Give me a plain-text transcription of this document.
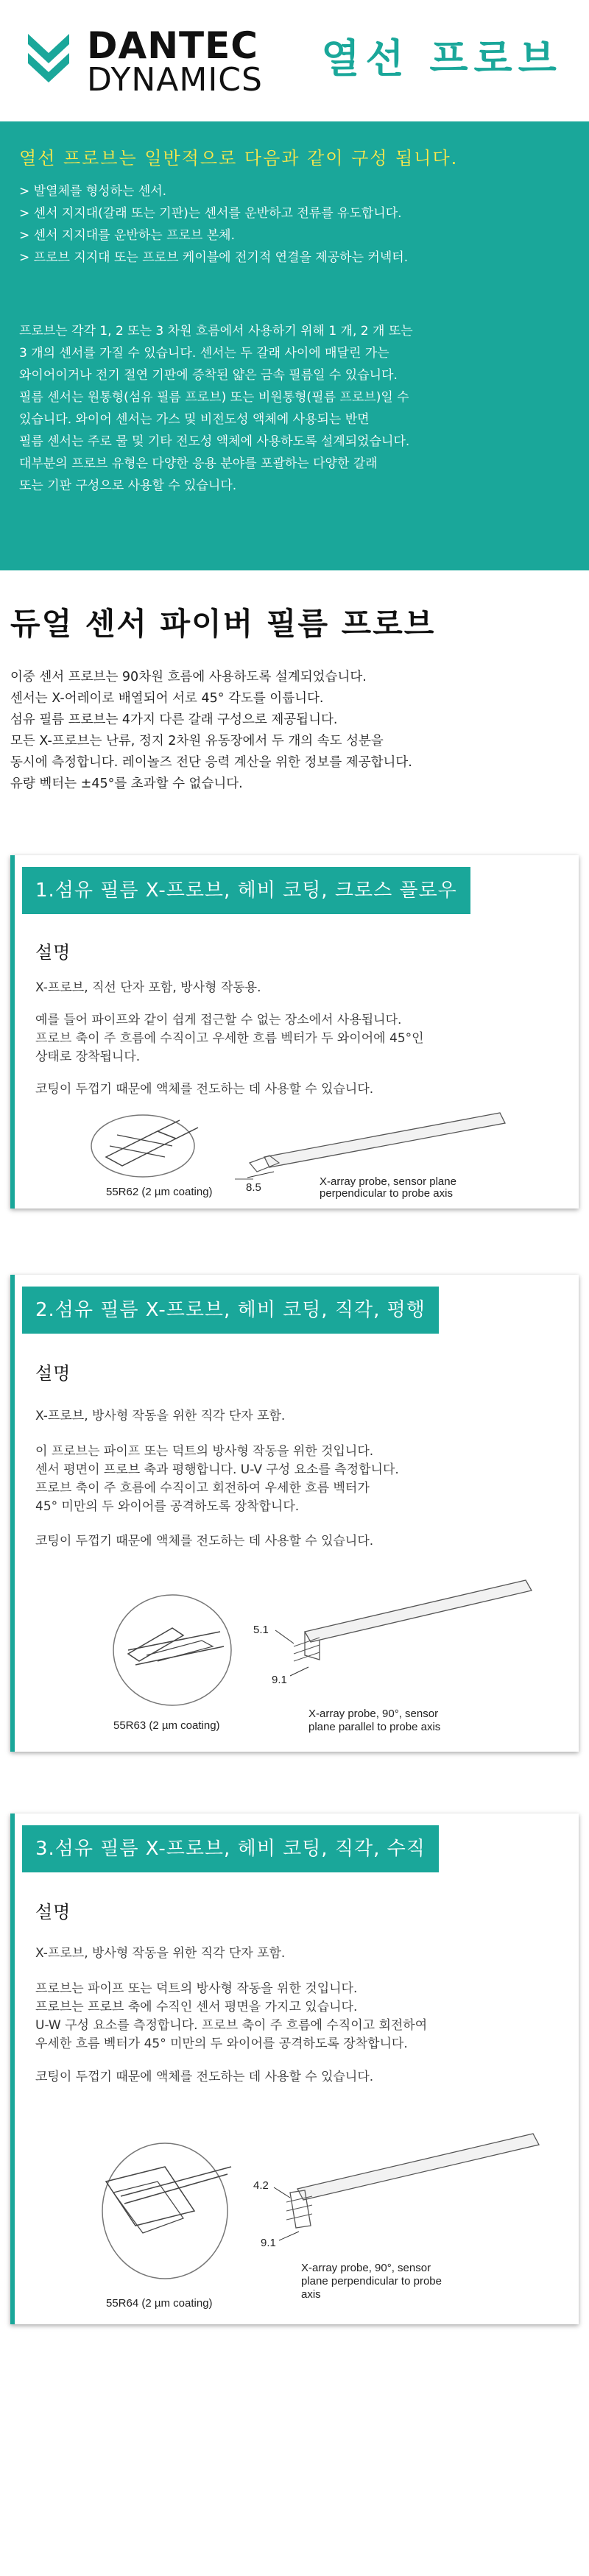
DANTEC
DYNAMICS 열선 프로브
열선 프로브는 일반적으로 다음과 같이 구성 됩니다.
> 발열체를 형성하는 센서.
> 센서 지지대(갈래 또는 기판)는 센서를 운반하고 전류를 유도합니다.
> 센서 지지대를 운반하는 프로브 본체.
> 프로브 지지대 또는 프로브 케이블에 전기적 연결을 제공하는 커넥터.
프로브는 각각 1, 2 또는 3 차원 흐름에서 사용하기 위해 1 개, 2 개 또는
3 개의 센서를 가질 수 있습니다. 센서는 두 갈래 사이에 매달린 가는
와이어이거나 전기 절연 기판에 증착된 얇은 금속 필름일 수 있습니다.
필름 센서는 원통형(섬유 필름 프로브) 또는 비원통형(필름 프로브)일 수
있습니다. 와이어 센서는 가스 및 비전도성 액체에 사용되는 반면
필름 센서는 주로 물 및 기타 전도성 액체에 사용하도록 설계되었습니다.
대부분의 프로브 유형은 다양한 응용 분야를 포괄하는 다양한 갈래
또는 기판 구성으로 사용할 수 있습니다.
듀얼 센서 파이버 필름 프로브
이중 센서 프로브는 90차원 흐름에 사용하도록 설계되었습니다.
센서는 X-어레이로 배열되어 서로 45° 각도를 이룹니다.
섬유 필름 프로브는 4가지 다른 갈래 구성으로 제공됩니다.
모든 X-프로브는 난류, 정지 2차원 유동장에서 두 개의 속도 성분을
동시에 측정합니다. 레이놀즈 전단 응력 계산을 위한 정보를 제공합니다.
유량 벡터는 ±45°를 초과할 수 없습니다.
1.섬유 필름 X-프로브, 헤비 코팅, 크로스 플로우
설명
X-프로브, 직선 단자 포함, 방사형 작동용.
예를 들어 파이프와 같이 쉽게 접근할 수 없는 장소에서 사용됩니다.
프로브 축이 주 흐름에 수직이고 우세한 흐름 벡터가 두 와이어에 45°인
상태로 장착됩니다.
코팅이 두껍기 때문에 액체를 전도하는 데 사용할 수 있습니다.
8.5
55R62 (2 µm coating)
X-array probe, sensor plane
perpendicular to probe axis
2.섬유 필름 X-프로브, 헤비 코팅, 직각, 평행
설명
X-프로브, 방사형 작동을 위한 직각 단자 포함.
이 프로브는 파이프 또는 덕트의 방사형 작동을 위한 것입니다.
센서 평면이 프로브 축과 평행합니다. U-V 구성 요소를 측정합니다.
프로브 축이 주 흐름에 수직이고 회전하여 우세한 흐름 벡터가
45° 미만의 두 와이어를 공격하도록 장착합니다.
코팅이 두껍기 때문에 액체를 전도하는 데 사용할 수 있습니다.
5.1
9.1
55R63 (2 µm coating)
X-array probe, 90°, sensor
plane parallel to probe axis
3.섬유 필름 X-프로브, 헤비 코팅, 직각, 수직
설명
X-프로브, 방사형 작동을 위한 직각 단자 포함.
프로브는 파이프 또는 덕트의 방사형 작동을 위한 것입니다.
프로브는 프로브 축에 수직인 센서 평면을 가지고 있습니다.
U-W 구성 요소를 측정합니다. 프로브 축이 주 흐름에 수직이고 회전하여
우세한 흐름 벡터가 45° 미만의 두 와이어를 공격하도록 장착합니다.
코팅이 두껍기 때문에 액체를 전도하는 데 사용할 수 있습니다.
4.2
9.1
55R64 (2 µm coating)
X-array probe, 90°, sensor
plane perpendicular to probe
axis
